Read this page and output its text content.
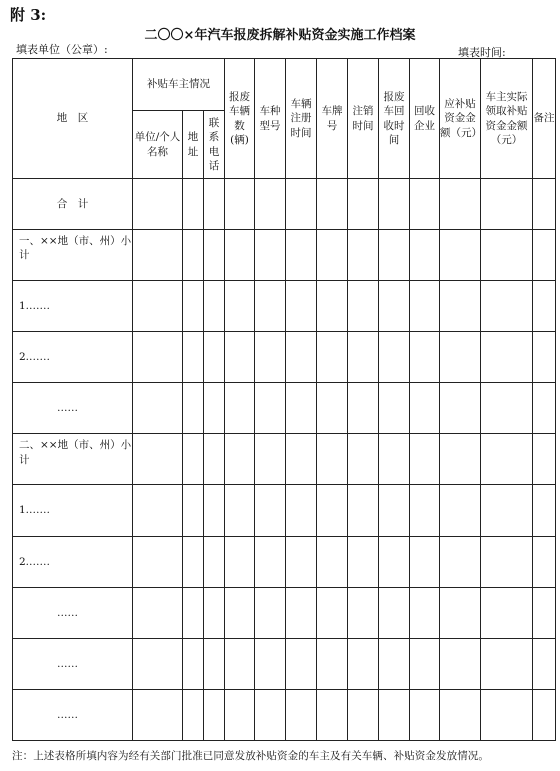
附 3:
二〇〇×年汽车报废拆解补贴资金实施工作档案
填表单位（公章）:	填表时间:
地　区	补贴车主情况			报废车辆数(辆)	车种型号	车辆注册时间	车牌号	注销时间	报废车回收时间	回收企业	应补贴资金金额（元）	车主实际领取补贴资金金额（元）	备注
	单位/个人名称	地址	联系电话										
合　计													
一、××地（市、州）小计													
1.……													
2.……													
……													
二、××地（市、州）小计													
1.……													
2.……													
……													
……													
……													
注：上述表格所填内容为经有关部门批准已同意发放补贴资金的车主及有关车辆、补贴资金发放情况。
